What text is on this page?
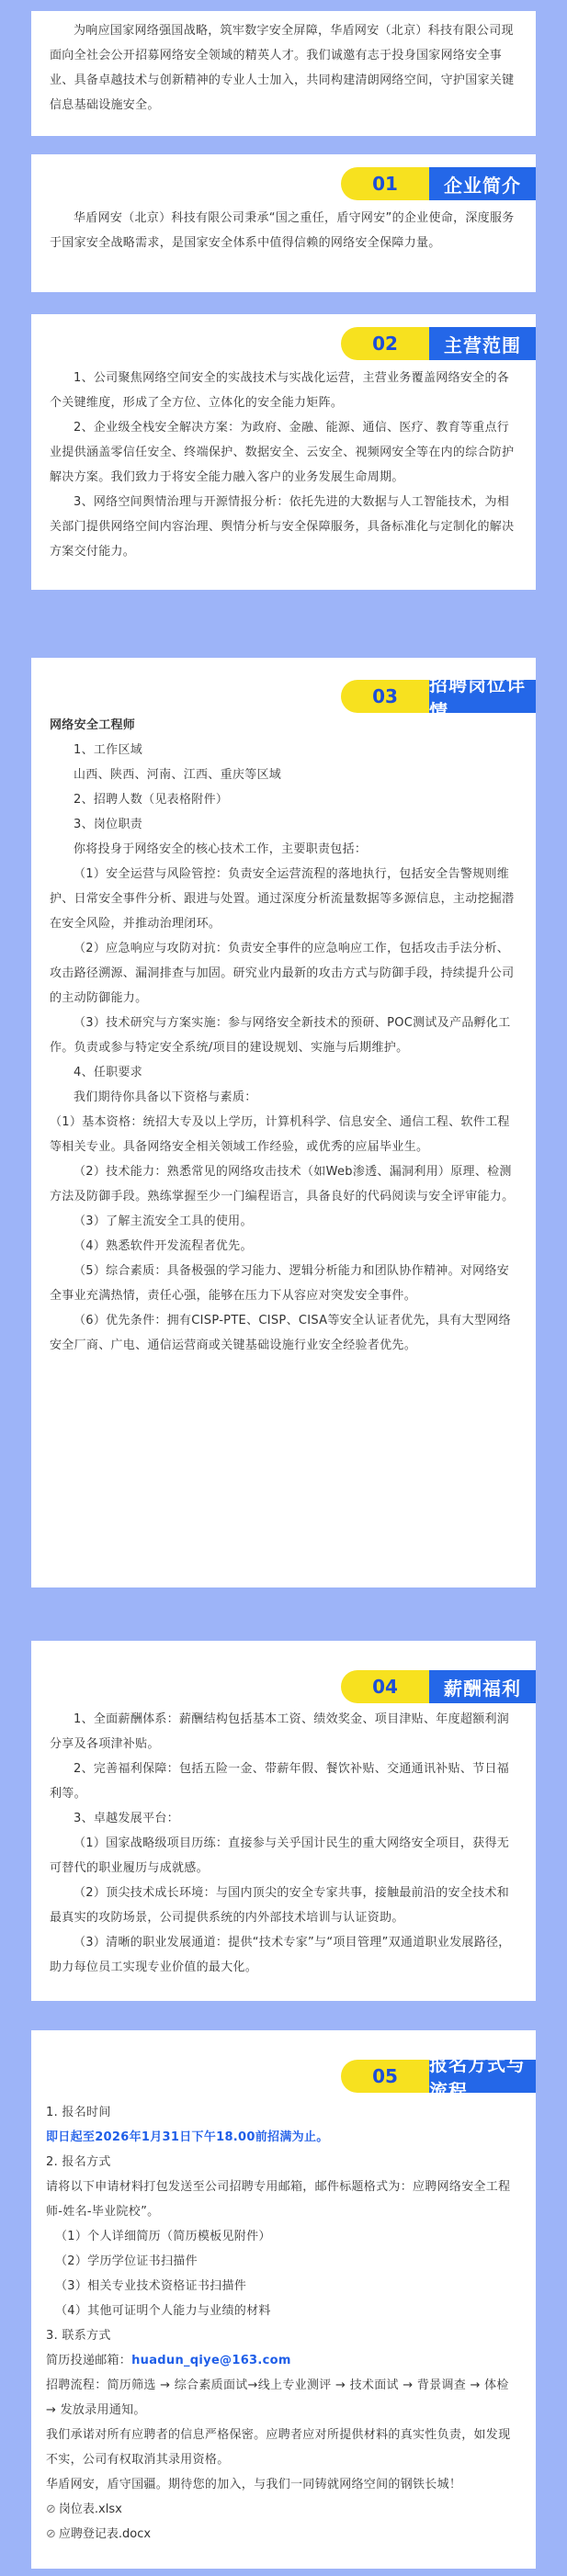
为响应国家网络强国战略，筑牢数字安全屏障，华盾网安（北京）科技有限公司现面向全社会公开招募网络安全领域的精英人才。我们诚邀有志于投身国家网络安全事业、具备卓越技术与创新精神的专业人士加入，共同构建清朗网络空间，守护国家关键信息基础设施安全。

01	企业简介

华盾网安（北京）科技有限公司秉承“国之重任，盾守网安”的企业使命，深度服务于国家安全战略需求，是国家安全体系中值得信赖的网络安全保障力量。

02	主营范围

1、公司聚焦网络空间安全的实战技术与实战化运营，主营业务覆盖网络安全的各个关键维度，形成了全方位、立体化的安全能力矩阵。

2、企业级全栈安全解决方案：为政府、金融、能源、通信、医疗、教育等重点行业提供涵盖零信任安全、终端保护、数据安全、云安全、视频网安全等在内的综合防护解决方案。我们致力于将安全能力融入客户的业务发展生命周期。

3、网络空间舆情治理与开源情报分析：依托先进的大数据与人工智能技术，为相关部门提供网络空间内容治理、舆情分析与安全保障服务，具备标准化与定制化的解决方案交付能力。

03
招聘岗位详情

网络安全工程师

1、工作区域

山西、陕西、河南、江西、重庆等区域

2、招聘人数（见表格附件）

3、岗位职责

你将投身于网络安全的核心技术工作，主要职责包括：

（1）安全运营与风险管控：负责安全运营流程的落地执行，包括安全告警规则维护、日常安全事件分析、跟进与处置。通过深度分析流量数据等多源信息，主动挖掘潜在安全风险，并推动治理闭环。

（2）应急响应与攻防对抗：负责安全事件的应急响应工作，包括攻击手法分析、攻击路径溯源、漏洞排查与加固。研究业内最新的攻击方式与防御手段，持续提升公司的主动防御能力。

（3）技术研究与方案实施：参与网络安全新技术的预研、POC测试及产品孵化工作。负责或参与特定安全系统/项目的建设规划、实施与后期维护。

4、任职要求

我们期待你具备以下资格与素质：

（1）基本资格：统招大专及以上学历，计算机科学、信息安全、通信工程、软件工程等相关专业。具备网络安全相关领域工作经验，或优秀的应届毕业生。

（2）技术能力：熟悉常见的网络攻击技术（如Web渗透、漏洞利用）原理、检测方法及防御手段。熟练掌握至少一门编程语言，具备良好的代码阅读与安全评审能力。

（3）了解主流安全工具的使用。

（4）熟悉软件开发流程者优先。

（5）综合素质：具备极强的学习能力、逻辑分析能力和团队协作精神。对网络安全事业充满热情，责任心强，能够在压力下从容应对突发安全事件。

（6）优先条件：拥有CISP-PTE、CISP、CISA等安全认证者优先，具有大型网络安全厂商、广电、通信运营商或关键基础设施行业安全经验者优先。

04	薪酬福利

1、全面薪酬体系：薪酬结构包括基本工资、绩效奖金、项目津贴、年度超额利润分享及各项津补贴。

2、完善福利保障：包括五险一金、带薪年假、餐饮补贴、交通通讯补贴、节日福利等。

3、卓越发展平台：

（1）国家战略级项目历练：直接参与关乎国计民生的重大网络安全项目，获得无可替代的职业履历与成就感。

（2）顶尖技术成长环境：与国内顶尖的安全专家共事，接触最前沿的安全技术和最真实的攻防场景，公司提供系统的内外部技术培训与认证资助。

（3）清晰的职业发展通道：提供“技术专家”与“项目管理”双通道职业发展路径，助力每位员工实现专业价值的最大化。

05
报名方式与流程

1. 报名时间

即日起至2026年1月31日下午18.00前招满为止。

2. 报名方式

请将以下申请材料打包发送至公司招聘专用邮箱，邮件标题格式为：应聘网络安全工程师-姓名-毕业院校”。

（1）个人详细简历（简历模板见附件）

（2）学历学位证书扫描件

（3）相关专业技术资格证书扫描件

（4）其他可证明个人能力与业绩的材料

3. 联系方式

简历投递邮箱：huadun_qiye@163.com

招聘流程：简历筛选 → 综合素质面试→线上专业测评 → 技术面试 → 背景调查 → 体检 → 发放录用通知。

我们承诺对所有应聘者的信息严格保密。应聘者应对所提供材料的真实性负责，如发现不实，公司有权取消其录用资格。

华盾网安，盾守国疆。期待您的加入，与我们一同铸就网络空间的钢铁长城！

⊘ 岗位表.xlsx
⊘ 应聘登记表.docx
